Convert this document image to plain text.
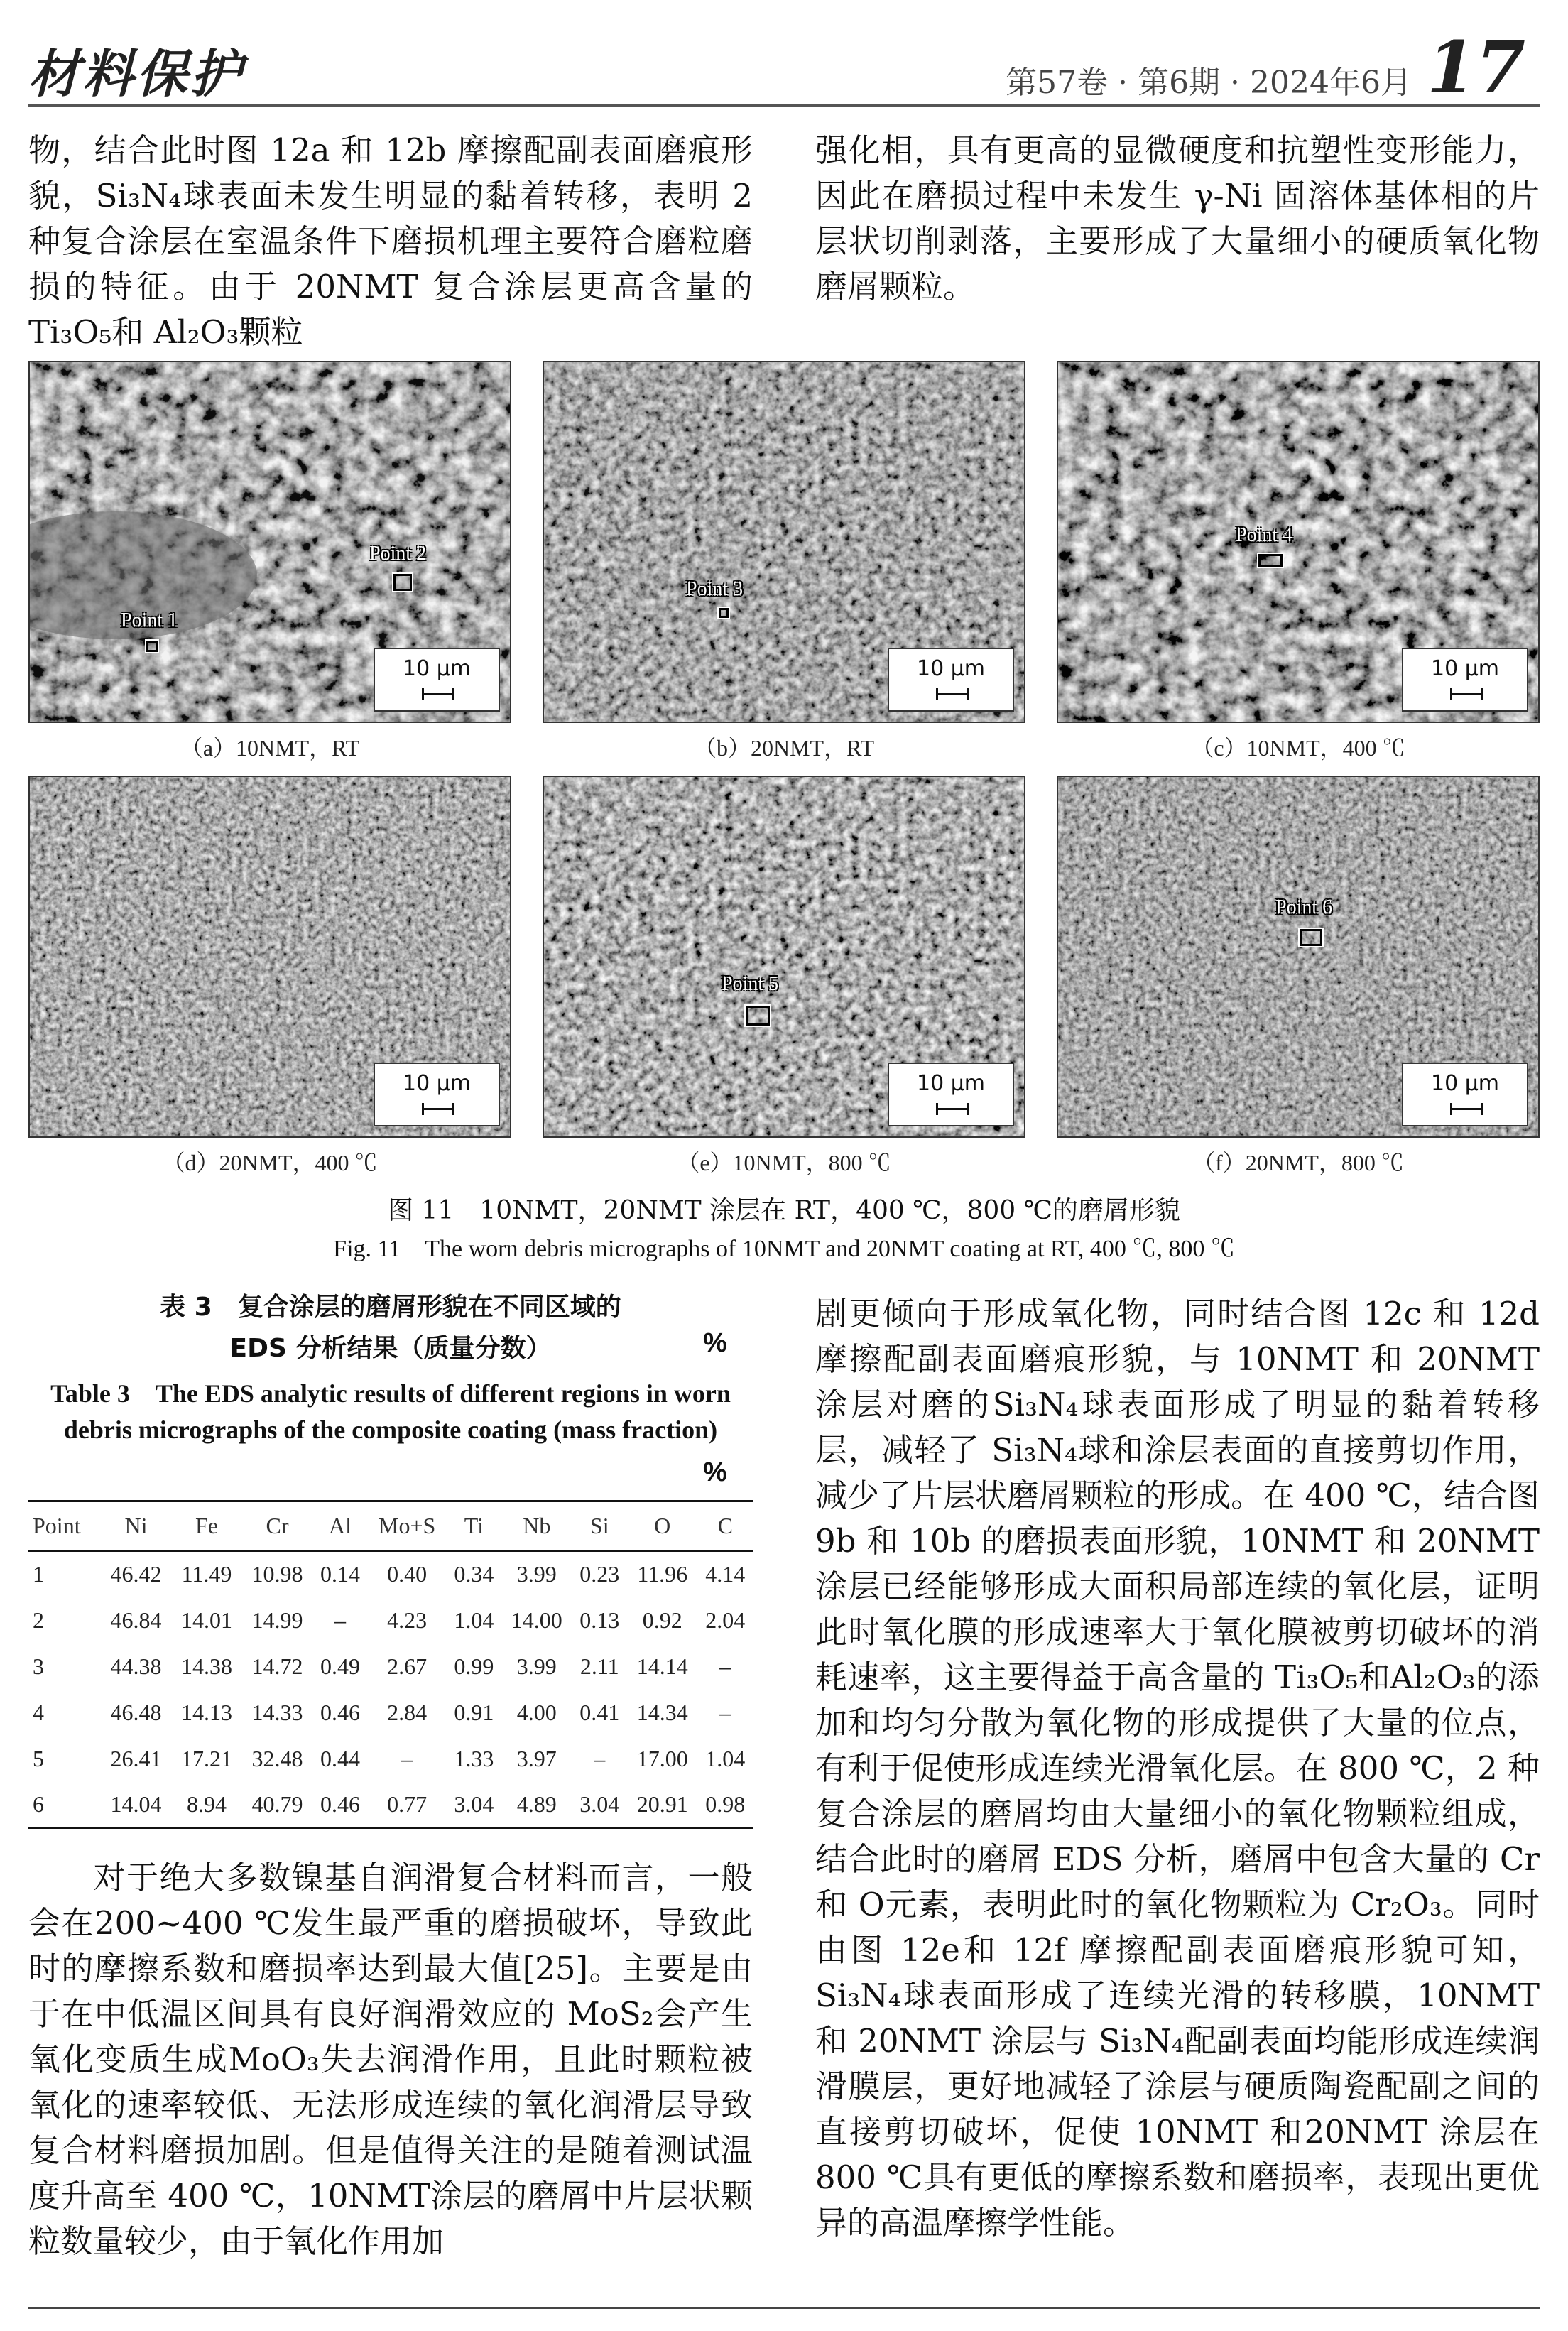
材料保护	第57卷 · 第6期 · 2024年6月 17

物，结合此时图 12a 和 12b 摩擦配副表面磨痕形貌，Si₃N₄球表面未发生明显的黏着转移，表明 2 种复合涂层在室温条件下磨损机理主要符合磨粒磨损的特征。由于 20NMT 复合涂层更高含量的 Ti₃O₅和 Al₂O₃颗粒

强化相，具有更高的显微硬度和抗塑性变形能力，因此在磨损过程中未发生 γ-Ni 固溶体基体相的片层状切削剥落，主要形成了大量细小的硬质氧化物磨屑颗粒。

Point 1
Point 2
10 μm
Point 3
10 μm
Point 4
10 μm
10 μm
Point 5
10 μm
Point 6
10 μm
（a）10NMT，RT	（b）20NMT，RT	（c）10NMT，400 ℃
（d）20NMT，400 ℃	（e）10NMT，800 ℃	（f）20NMT，800 ℃
图 11　10NMT，20NMT 涂层在 RT，400 ℃，800 ℃的磨屑形貌
Fig. 11　The worn debris micrographs of 10NMT and 20NMT coating at RT, 400 ℃, 800 ℃
表 3　复合涂层的磨屑形貌在不同区域的
EDS 分析结果（质量分数）	%
Table 3　The EDS analytic results of different regions in worn
debris micrographs of the composite coating (mass fraction)
%
Point	Ni	Fe	Cr	Al	Mo+S	Ti	Nb	Si	O	C
1	46.42	11.49	10.98	0.14	0.40	0.34	3.99	0.23	11.96	4.14
2	46.84	14.01	14.99	–	4.23	1.04	14.00	0.13	0.92	2.04
3	44.38	14.38	14.72	0.49	2.67	0.99	3.99	2.11	14.14	–
4	46.48	14.13	14.33	0.46	2.84	0.91	4.00	0.41	14.34	–
5	26.41	17.21	32.48	0.44	–	1.33	3.97	–	17.00	1.04
6	14.04	8.94	40.79	0.46	0.77	3.04	4.89	3.04	20.91	0.98

对于绝大多数镍基自润滑复合材料而言，一般会在200~400 ℃发生最严重的磨损破坏，导致此时的摩擦系数和磨损率达到最大值[25]。主要是由于在中低温区间具有良好润滑效应的 MoS₂会产生氧化变质生成MoO₃失去润滑作用，且此时颗粒被氧化的速率较低、无法形成连续的氧化润滑层导致复合材料磨损加剧。但是值得关注的是随着测试温度升高至 400 ℃，10NMT涂层的磨屑中片层状颗粒数量较少，由于氧化作用加

剧更倾向于形成氧化物，同时结合图 12c 和 12d 摩擦配副表面磨痕形貌，与 10NMT 和 20NMT 涂层对磨的Si₃N₄球表面形成了明显的黏着转移层，减轻了 Si₃N₄球和涂层表面的直接剪切作用，减少了片层状磨屑颗粒的形成。在 400 ℃，结合图 9b 和 10b 的磨损表面形貌，10NMT 和 20NMT 涂层已经能够形成大面积局部连续的氧化层，证明此时氧化膜的形成速率大于氧化膜被剪切破坏的消耗速率，这主要得益于高含量的 Ti₃O₅和Al₂O₃的添加和均匀分散为氧化物的形成提供了大量的位点，有利于促使形成连续光滑氧化层。在 800 ℃，2 种复合涂层的磨屑均由大量细小的氧化物颗粒组成，结合此时的磨屑 EDS 分析，磨屑中包含大量的 Cr 和 O元素，表明此时的氧化物颗粒为 Cr₂O₃。同时由图 12e和 12f 摩擦配副表面磨痕形貌可知，Si₃N₄球表面形成了连续光滑的转移膜，10NMT 和 20NMT 涂层与 Si₃N₄配副表面均能形成连续润滑膜层，更好地减轻了涂层与硬质陶瓷配副之间的直接剪切破坏，促使 10NMT 和20NMT 涂层在 800 ℃具有更低的摩擦系数和磨损率，表现出更优异的高温摩擦学性能。
